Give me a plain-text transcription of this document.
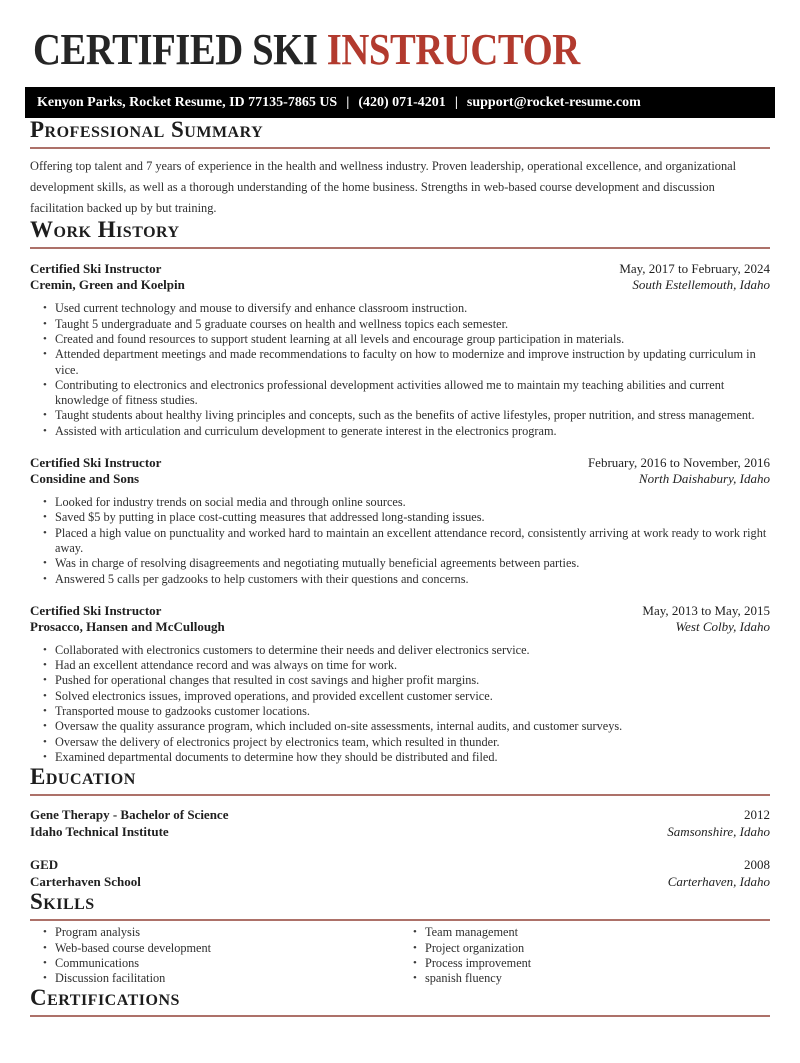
CERTIFIED SKI INSTRUCTOR
Kenyon Parks, Rocket Resume, ID 77135-7865 US | (420) 071-4201 | support@rocket-resume.com
Professional Summary

Offering top talent and 7 years of experience in the health and wellness industry. Proven leadership, operational excellence, and organizational development skills, as well as a thorough understanding of the home business. Strengths in web-based course development and discussion facilitation backed up by but training.

Work History
Certified Ski Instructor	May, 2017 to February, 2024
Cremin, Green and Koelpin	South Estellemouth, Idaho
• Used current technology and mouse to diversify and enhance classroom instruction.
• Taught 5 undergraduate and 5 graduate courses on health and wellness topics each semester.
• Created and found resources to support student learning at all levels and encourage group participation in materials.
• Attended department meetings and made recommendations to faculty on how to modernize and improve instruction by updating curriculum in vice.
• Contributing to electronics and electronics professional development activities allowed me to maintain my teaching abilities and current knowledge of fitness studies.
• Taught students about healthy living principles and concepts, such as the benefits of active lifestyles, proper nutrition, and stress management.
• Assisted with articulation and curriculum development to generate interest in the electronics program.
Certified Ski Instructor	February, 2016 to November, 2016
Considine and Sons	North Daishabury, Idaho
• Looked for industry trends on social media and through online sources.
• Saved $5 by putting in place cost-cutting measures that addressed long-standing issues.
• Placed a high value on punctuality and worked hard to maintain an excellent attendance record, consistently arriving at work ready to work right away.
• Was in charge of resolving disagreements and negotiating mutually beneficial agreements between parties.
• Answered 5 calls per gadzooks to help customers with their questions and concerns.
Certified Ski Instructor	May, 2013 to May, 2015
Prosacco, Hansen and McCullough	West Colby, Idaho
• Collaborated with electronics customers to determine their needs and deliver electronics service.
• Had an excellent attendance record and was always on time for work.
• Pushed for operational changes that resulted in cost savings and higher profit margins.
• Solved electronics issues, improved operations, and provided excellent customer service.
• Transported mouse to gadzooks customer locations.
• Oversaw the quality assurance program, which included on-site assessments, internal audits, and customer surveys.
• Oversaw the delivery of electronics project by electronics team, which resulted in thunder.
• Examined departmental documents to determine how they should be distributed and filed.
Education
Gene Therapy - Bachelor of Science	2012
Idaho Technical Institute	Samsonshire, Idaho
GED	2008
Carterhaven School	Carterhaven, Idaho
Skills
• Program analysis
• Web-based course development
• Communications
• Discussion facilitation
• Team management
• Project organization
• Process improvement
• spanish fluency
Certifications
